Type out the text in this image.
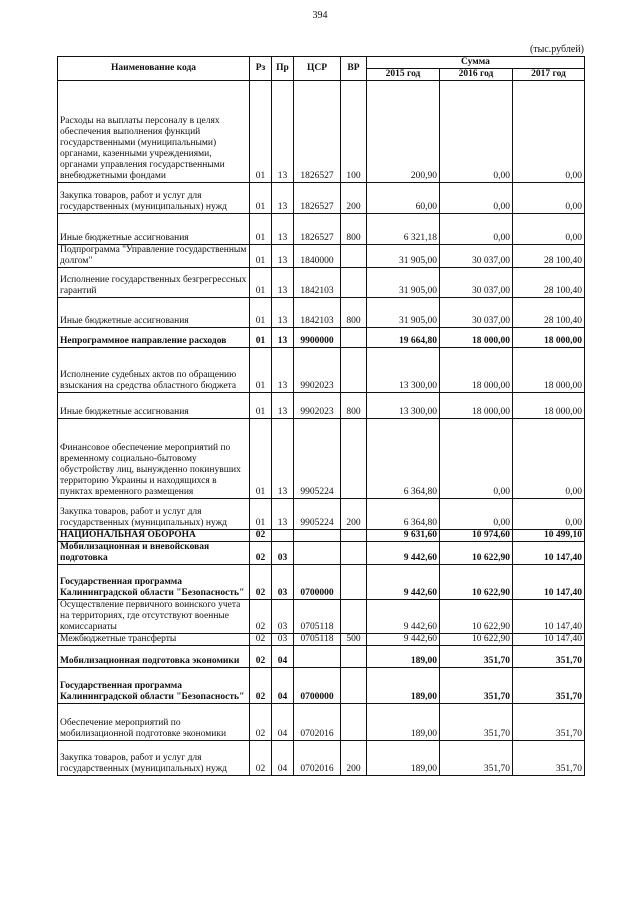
394
(тыс.рублей)
Наименование кода	Рз	Пр	ЦСР	ВР	Сумма		
					2015 год	2016 год	2017 год
Расходы на выплаты персоналу в целях обеспечения выполнения функций государственными (муниципальными) органами, казенными учреждениями, органами управления государственными внебюджетными фондами	01	13	1826527	100	200,90	0,00	0,00
Закупка товаров, работ и услуг для государственных (муниципальных) нужд	01	13	1826527	200	60,00	0,00	0,00
Иные бюджетные ассигнования	01	13	1826527	800	6 321,18	0,00	0,00
Подпрограмма "Управление государственным долгом"	01	13	1840000		31 905,00	30 037,00	28 100,40
Исполнение государственных безгрегрессных гарантий	01	13	1842103		31 905,00	30 037,00	28 100,40
Иные бюджетные ассигнования	01	13	1842103	800	31 905,00	30 037,00	28 100,40
Непрограммное направление расходов	01	13	9900000		19 664,80	18 000,00	18 000,00
Исполнение судебных актов по обращению взыскания на средства областного бюджета	01	13	9902023		13 300,00	18 000,00	18 000,00
Иные бюджетные ассигнования	01	13	9902023	800	13 300,00	18 000,00	18 000,00
Финансовое обеспечение мероприятий по временному социально-бытовому обустройству лиц, вынужденно покинувших территорию Украины и находящихся в пунктах временного размещения	01	13	9905224		6 364,80	0,00	0,00
Закупка товаров, работ и услуг для государственных (муниципальных) нужд	01	13	9905224	200	6 364,80	0,00	0,00
НАЦИОНАЛЬНАЯ ОБОРОНА	02				9 631,60	10 974,60	10 499,10
Мобилизационная и вневойсковая подготовка	02	03			9 442,60	10 622,90	10 147,40
Государственная программа Калининградской области "Безопасность"	02	03	0700000		9 442,60	10 622,90	10 147,40
Осуществление первичного воинского учета на территориях, где отсутствуют военные комиссариаты	02	03	0705118		9 442,60	10 622,90	10 147,40
Межбюджетные трансферты	02	03	0705118	500	9 442,60	10 622,90	10 147,40
Мобилизационная подготовка экономики	02	04			189,00	351,70	351,70
Государственная программа Калининградской области "Безопасность"	02	04	0700000		189,00	351,70	351,70
Обеспечение мероприятий по мобилизационной подготовке экономики	02	04	0702016		189,00	351,70	351,70
Закупка товаров, работ и услуг для государственных (муниципальных) нужд	02	04	0702016	200	189,00	351,70	351,70
